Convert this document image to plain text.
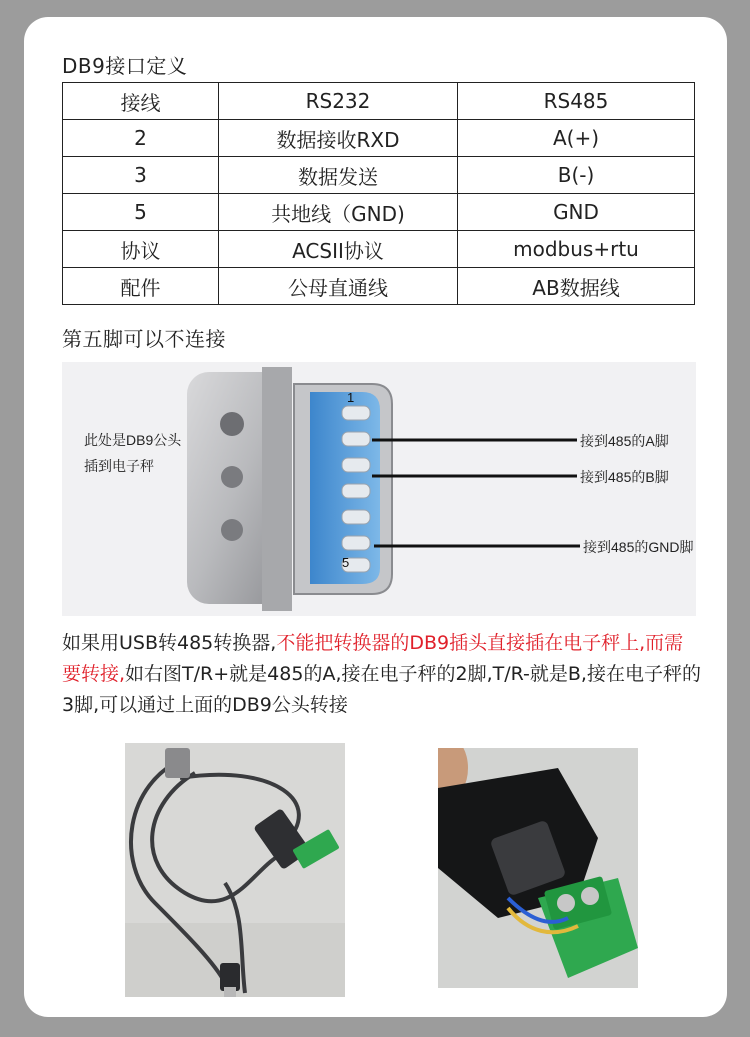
DB9接口定义
接线	RS232	RS485
2	数据接收RXD	A(+)
3	数据发送	B(-)
5	共地线（GND)	GND
协议	ACSII协议	modbus+rtu
配件	公母直通线	AB数据线
第五脚可以不连接
此处是DB9公头
插到电子秤
1
5
接到485的A脚
接到485的B脚
接到485的GND脚
如果用USB转485转换器,不能把转换器的DB9插头直接插在电子秤上,而需要转接,如右图T/R+就是485的A,接在电子秤的2脚,T/R-就是B,接在电子秤的3脚,可以通过上面的DB9公头转接
